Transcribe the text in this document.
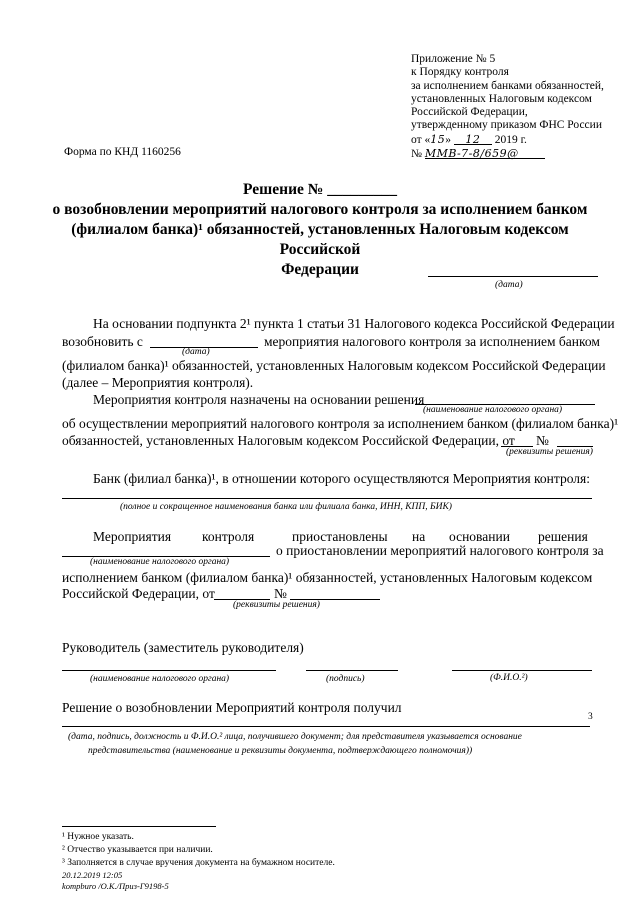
Приложение № 5
к Порядку контроля
за исполнением банками обязанностей,
установленных Налоговым кодексом
Российской Федерации,
утвержденному приказом ФНС России
от «15» 12 2019 г.
№ ММВ-7-8/659@
Форма по КНД 1160256
Решение № _________
о возобновлении мероприятий налогового контроля за исполнением банком
(филиалом банка)¹ обязанностей, установленных Налоговым кодексом Российской
Федерации
(дата)
На основании подпункта 2¹ пункта 1 статьи 31 Налогового кодекса Российской Федерации
возобновить с	мероприятия налогового контроля за исполнением банком
(дата)
(филиалом банка)¹ обязанностей, установленных Налоговым кодексом Российской Федерации
(далее – Мероприятия контроля).
Мероприятия контроля назначены на основании решения
(наименование налогового органа)
об осуществлении мероприятий налогового контроля за исполнением банком (филиалом банка)¹
обязанностей, установленных Налоговым кодексом Российской Федерации, от №
(реквизиты решения)
Банк (филиал банка)¹, в отношении которого осуществляются Мероприятия контроля:
(полное и сокращенное наименования банка или филиала банка, ИНН, КПП, БИК)
Мероприятия контроля	приостановлены на основании решения
о приостановлении мероприятий налогового контроля за
(наименование налогового органа)
исполнением банком (филиалом банка)¹ обязанностей, установленных Налоговым кодексом
Российской Федерации, от	№
(реквизиты решения)
Руководитель (заместитель руководителя)
(наименование налогового органа)	(подпись)	(Ф.И.О.²)
Решение о возобновлении Мероприятий контроля получил
3
(дата, подпись, должность и Ф.И.О.² лица, получившего документ; для представителя указывается основание
представительства (наименование и реквизиты документа, подтверждающего полномочия))
¹ Нужное указать.
² Отчество указывается при наличии.
³ Заполняется в случае вручения документа на бумажном носителе.
20.12.2019 12:05
kompburo /О.К./Приз-Г9198-5
